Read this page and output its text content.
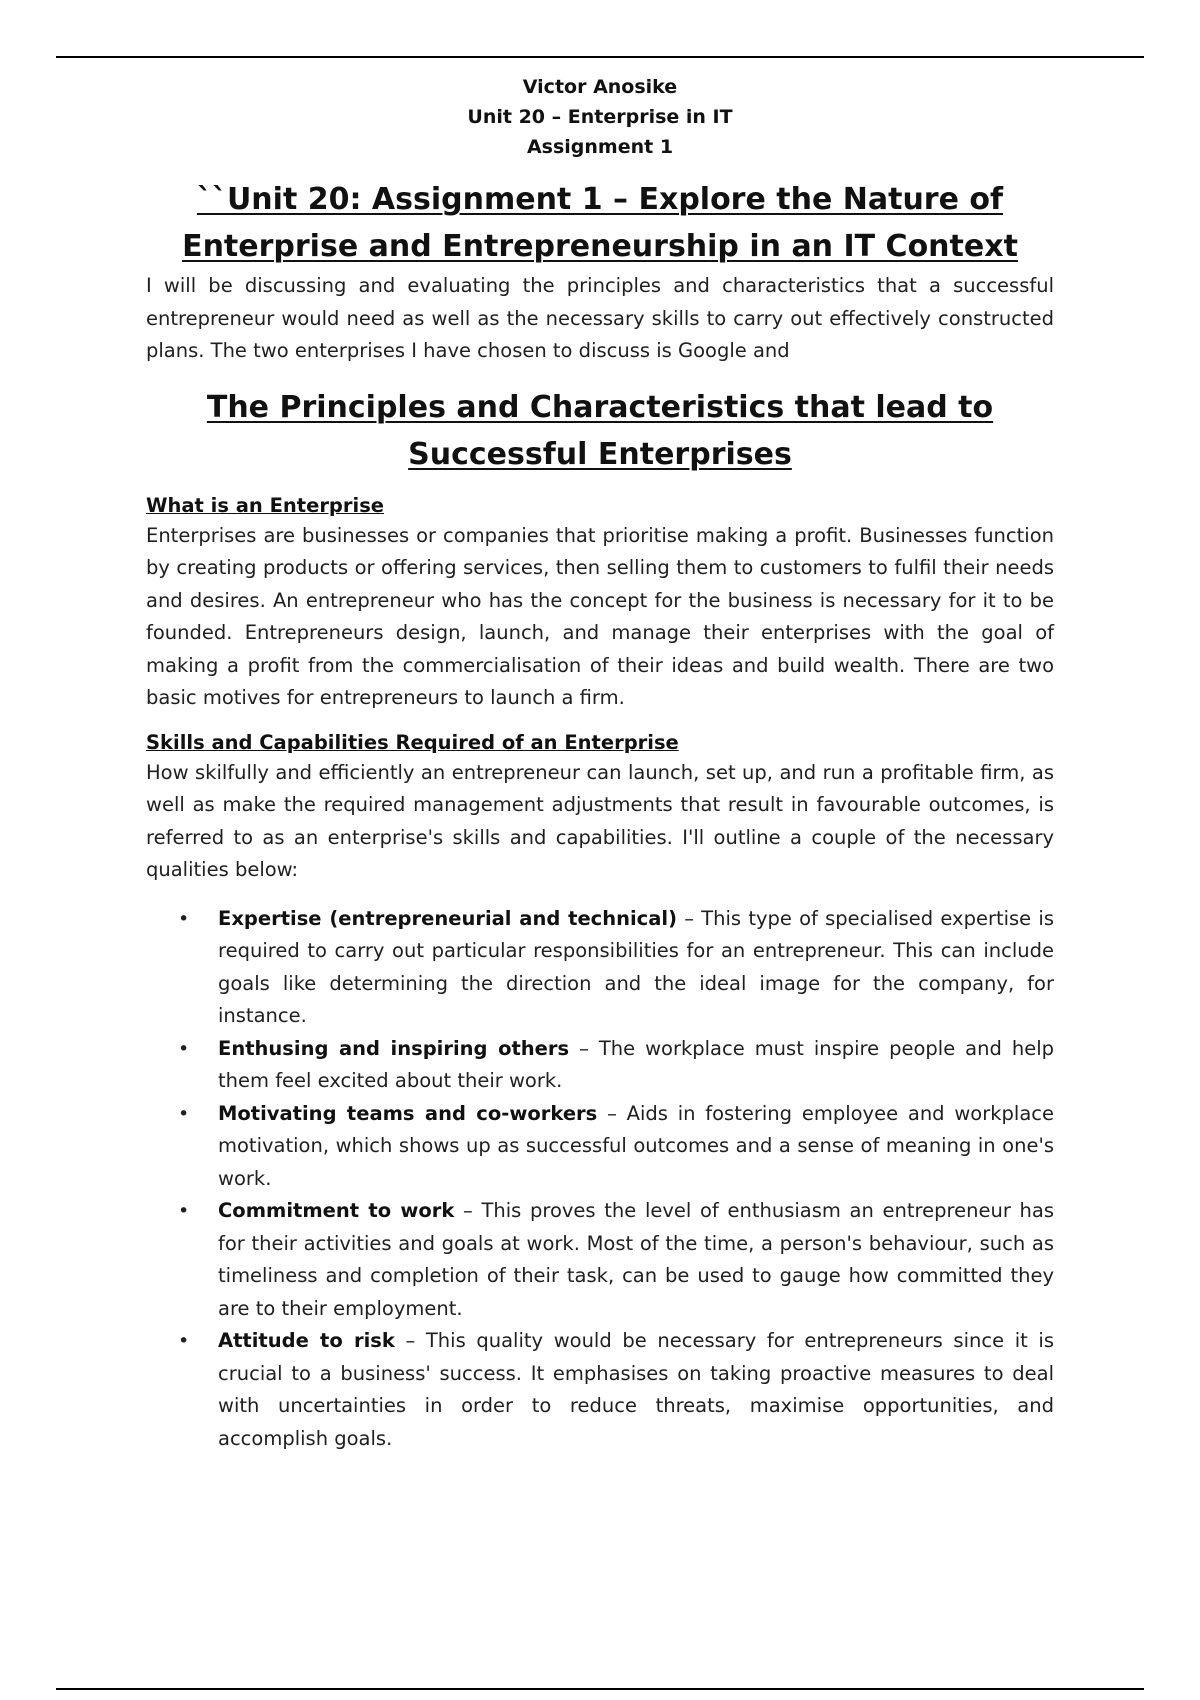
Victor Anosike
Unit 20 – Enterprise in IT
Assignment 1
``Unit 20: Assignment 1 – Explore the Nature of Enterprise and Entrepreneurship in an IT Context

I will be discussing and evaluating the principles and characteristics that a successful entrepreneur would need as well as the necessary skills to carry out effectively constructed plans. The two enterprises I have chosen to discuss is Google and

The Principles and Characteristics that lead to Successful Enterprises
What is an Enterprise

Enterprises are businesses or companies that prioritise making a profit. Businesses function by creating products or offering services, then selling them to customers to fulfil their needs and desires. An entrepreneur who has the concept for the business is necessary for it to be founded. Entrepreneurs design, launch, and manage their enterprises with the goal of making a profit from the commercialisation of their ideas and build wealth. There are two basic motives for entrepreneurs to launch a firm.

Skills and Capabilities Required of an Enterprise

How skilfully and efficiently an entrepreneur can launch, set up, and run a profitable firm, as well as make the required management adjustments that result in favourable outcomes, is referred to as an enterprise's skills and capabilities. I'll outline a couple of the necessary qualities below:

• Expertise (entrepreneurial and technical) – This type of specialised expertise is required to carry out particular responsibilities for an entrepreneur. This can include goals like determining the direction and the ideal image for the company, for instance.
• Enthusing and inspiring others – The workplace must inspire people and help them feel excited about their work.
• Motivating teams and co-workers – Aids in fostering employee and workplace motivation, which shows up as successful outcomes and a sense of meaning in one's work.
• Commitment to work – This proves the level of enthusiasm an entrepreneur has for their activities and goals at work. Most of the time, a person's behaviour, such as timeliness and completion of their task, can be used to gauge how committed they are to their employment.
• Attitude to risk – This quality would be necessary for entrepreneurs since it is crucial to a business' success. It emphasises on taking proactive measures to deal with uncertainties in order to reduce threats, maximise opportunities, and accomplish goals.
